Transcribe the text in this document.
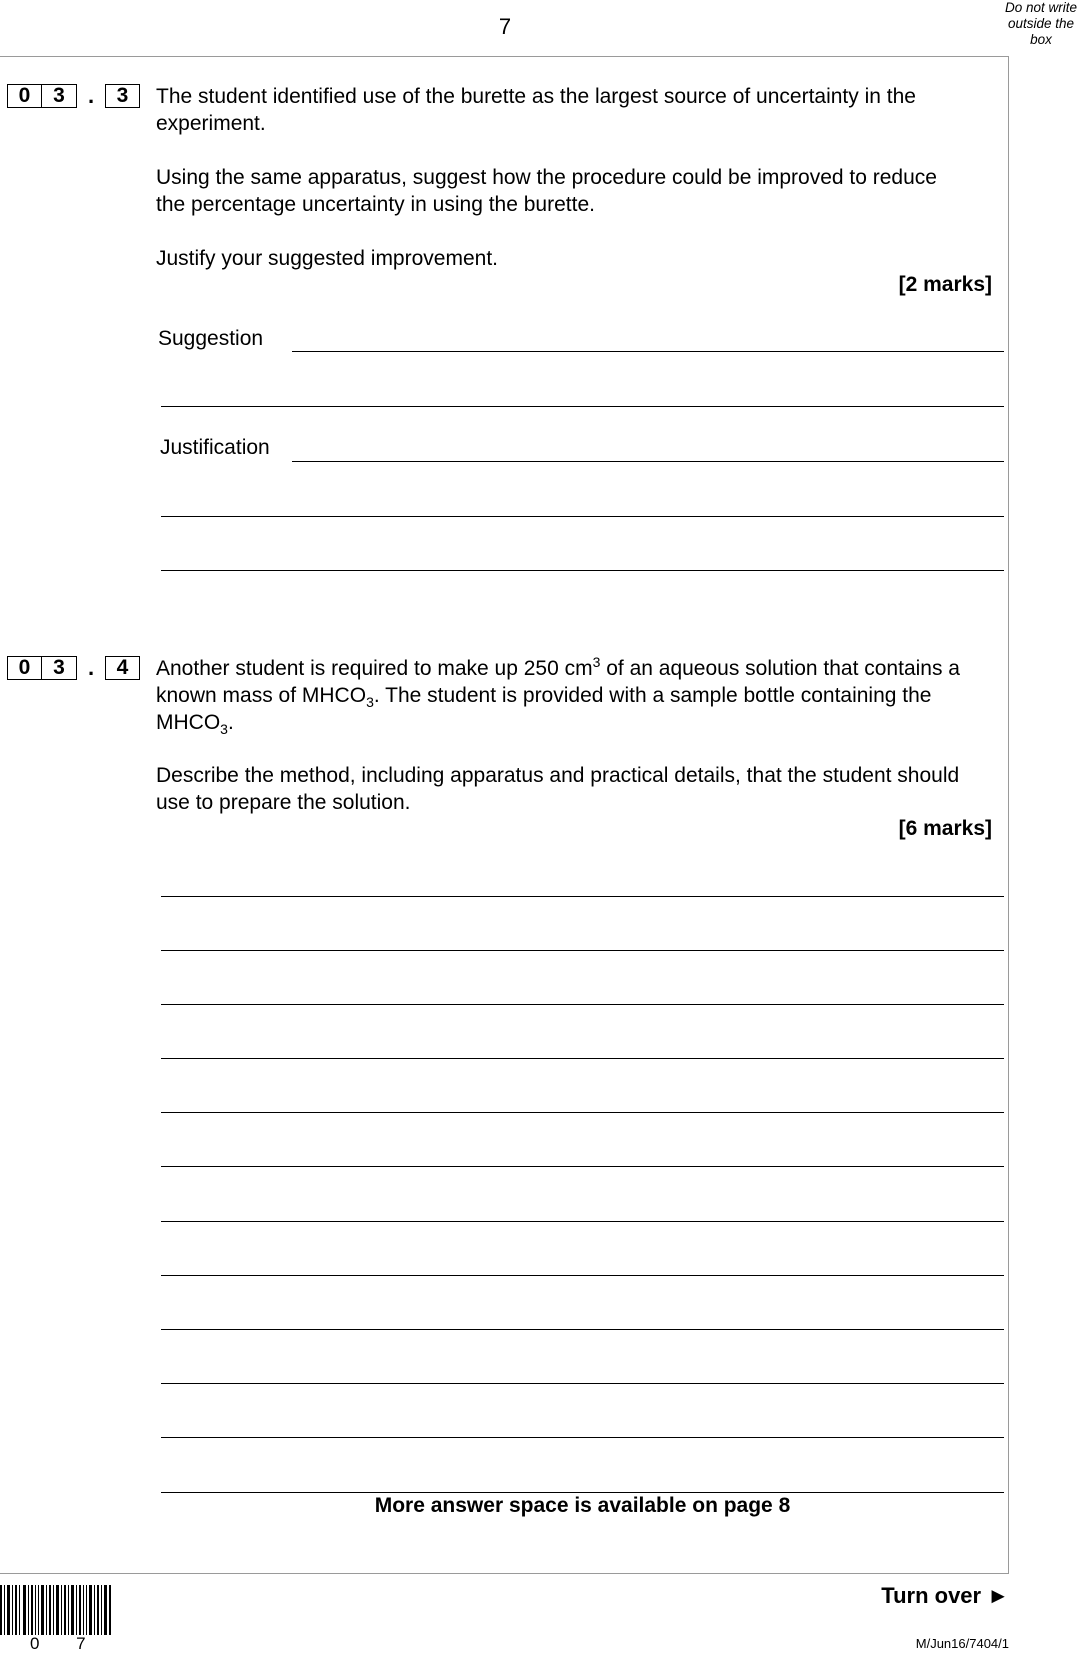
7
Do not write outside the box
0	3	.	3	The student identified use of the burette as the largest source of uncertainty in the experiment.
Using the same apparatus, suggest how the procedure could be improved to reduce the percentage uncertainty in using the burette.
Justify your suggested improvement.
[2 marks]
Suggestion
Justification
0	3	.	4	Another student is required to make up 250 $cm^3$ of an aqueous solution that contains a known mass of $MHCO_3$. The student is provided with a sample bottle containing the $MHCO_3$.
Describe the method, including apparatus and practical details, that the student should use to prepare the solution.
[6 marks]
More answer space is available on page 8
0 7
Turn over ►
M/Jun16/7404/1
